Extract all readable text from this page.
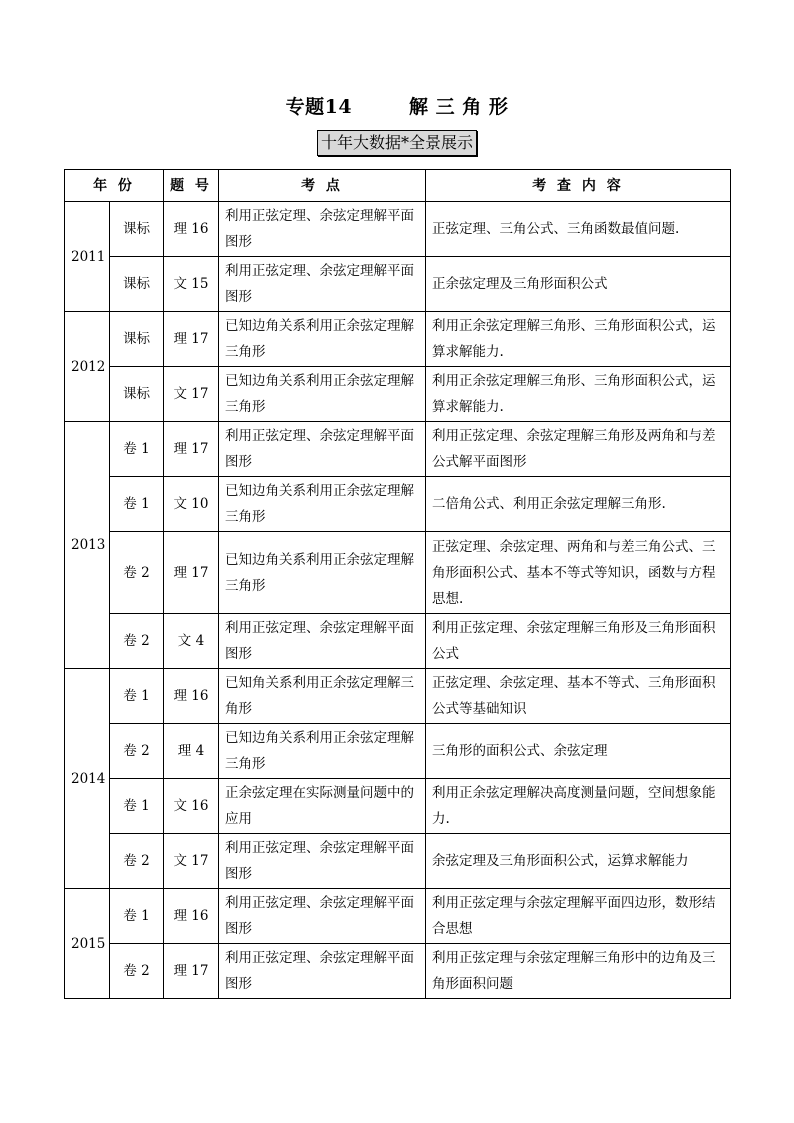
专题14        解 三 角 形
十年大数据*全景展示
年 份		题 号	考 点	考 查 内 容
2011	课标	理 16	利用正弦定理、余弦定理解平面图形	正弦定理、三角公式、三角函数最值问题.
	课标	文 15	利用正弦定理、余弦定理解平面图形	正余弦定理及三角形面积公式
2012	课标	理 17	已知边角关系利用正余弦定理解三角形	利用正余弦定理解三角形、三角形面积公式，运算求解能力.
	课标	文 17	已知边角关系利用正余弦定理解三角形	利用正余弦定理解三角形、三角形面积公式，运算求解能力.
2013	卷 1	理 17	利用正弦定理、余弦定理解平面图形	利用正弦定理、余弦定理解三角形及两角和与差公式解平面图形
	卷 1	文 10	已知边角关系利用正余弦定理解三角形	二倍角公式、利用正余弦定理解三角形.
	卷 2	理 17	已知边角关系利用正余弦定理解三角形	正弦定理、余弦定理、两角和与差三角公式、三角形面积公式、基本不等式等知识，函数与方程思想.
	卷 2	文 4	利用正弦定理、余弦定理解平面图形	利用正弦定理、余弦定理解三角形及三角形面积公式
2014	卷 1	理 16	已知角关系利用正余弦定理解三角形	正弦定理、余弦定理、基本不等式、三角形面积公式等基础知识
	卷 2	理 4	已知边角关系利用正余弦定理解三角形	三角形的面积公式、余弦定理
	卷 1	文 16	正余弦定理在实际测量问题中的应用	利用正余弦定理解决高度测量问题，空间想象能力.
	卷 2	文 17	利用正弦定理、余弦定理解平面图形	余弦定理及三角形面积公式，运算求解能力
2015	卷 1	理 16	利用正弦定理、余弦定理解平面图形	利用正弦定理与余弦定理解平面四边形，数形结合思想
	卷 2	理 17	利用正弦定理、余弦定理解平面图形	利用正弦定理与余弦定理解三角形中的边角及三角形面积问题
